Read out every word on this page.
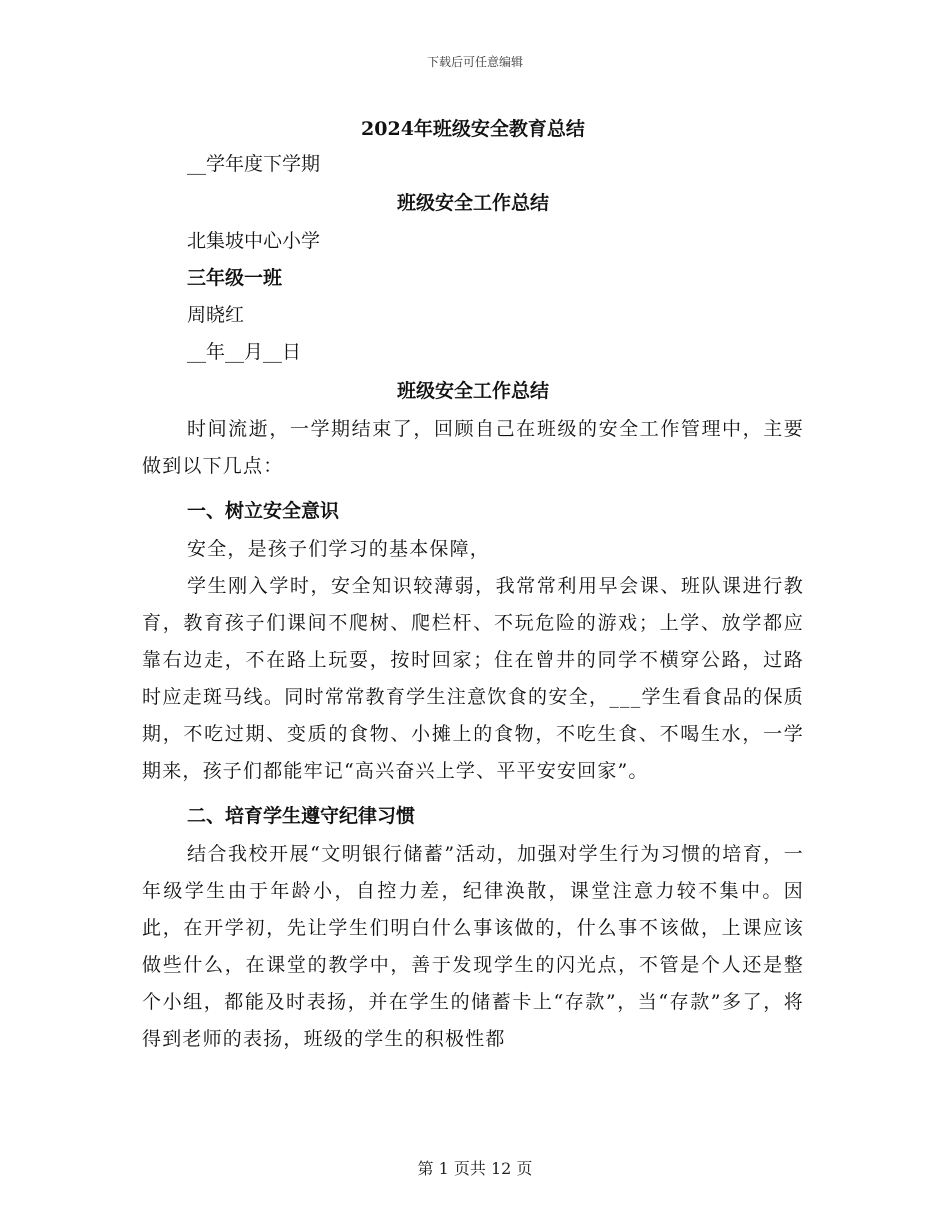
下载后可任意编辑
2024年班级安全教育总结
__学年度下学期
班级安全工作总结
北集坡中心小学
三年级一班
周晓红
__年__月__日
班级安全工作总结

时间流逝，一学期结束了，回顾自己在班级的安全工作管理中，主要做到以下几点：

一、树立安全意识

安全，是孩子们学习的基本保障，

学生刚入学时，安全知识较薄弱，我常常利用早会课、班队课进行教育，教育孩子们课间不爬树、爬栏杆、不玩危险的游戏；上学、放学都应靠右边走，不在路上玩耍，按时回家；住在曾井的同学不横穿公路，过路时应走斑马线。同时常常教育学生注意饮食的安全，___学生看食品的保质期，不吃过期、变质的食物、小摊上的食物，不吃生食、不喝生水，一学期来，孩子们都能牢记“高兴奋兴上学、平平安安回家”。

二、培育学生遵守纪律习惯

结合我校开展“文明银行储蓄”活动，加强对学生行为习惯的培育，一年级学生由于年龄小，自控力差，纪律涣散，课堂注意力较不集中。因此，在开学初，先让学生们明白什么事该做的，什么事不该做，上课应该做些什么，在课堂的教学中，善于发现学生的闪光点，不管是个人还是整个小组，都能及时表扬，并在学生的储蓄卡上“存款”，当“存款”多了，将得到老师的表扬，班级的学生的积极性都

第 1 页共 12 页
